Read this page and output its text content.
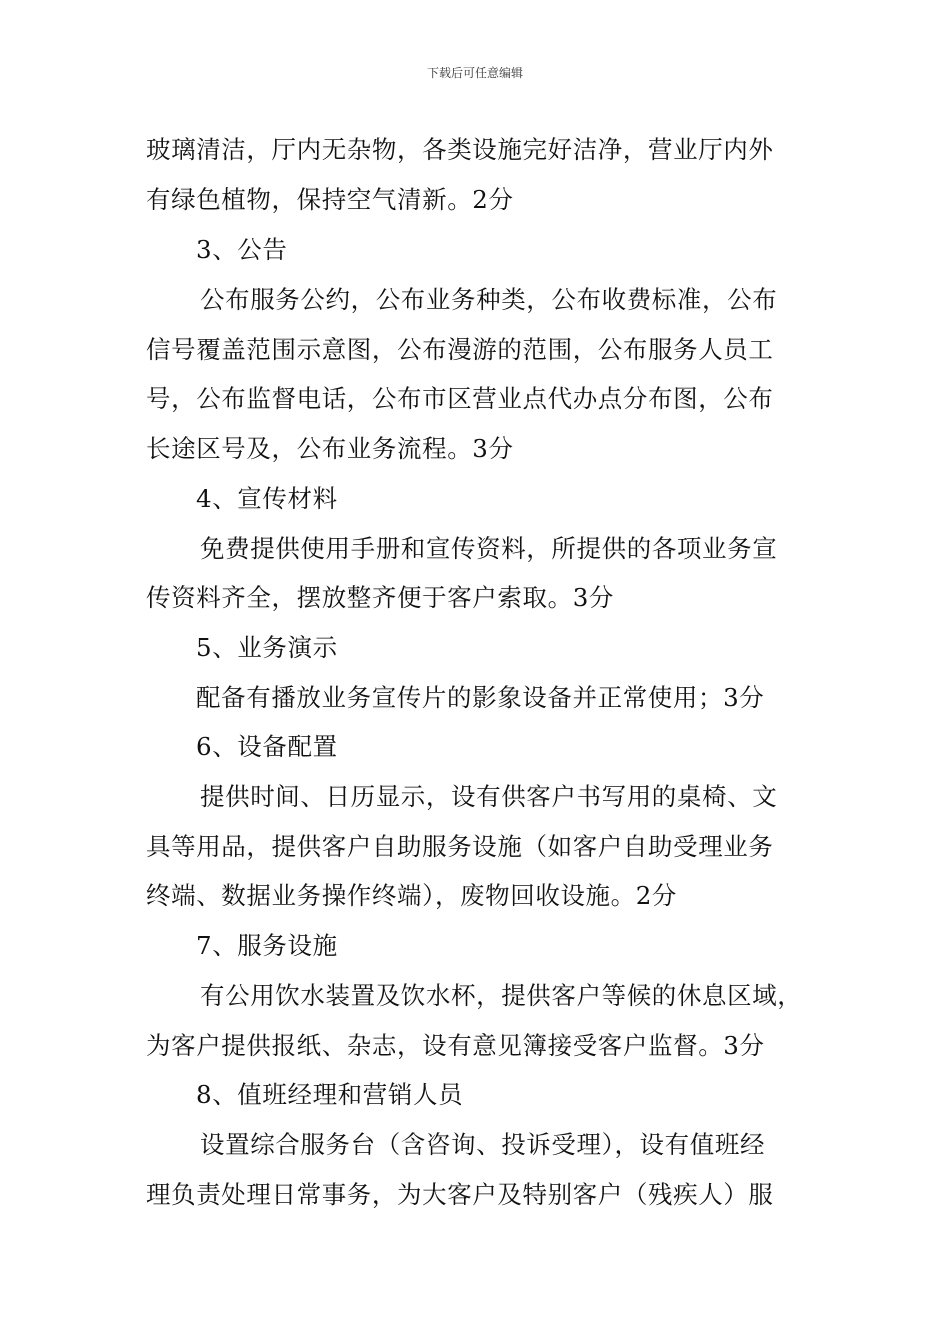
下载后可任意编辑
玻璃清洁，厅内无杂物，各类设施完好洁净，营业厅内外
有绿色植物，保持空气清新。2分
3、公告
公布服务公约，公布业务种类，公布收费标准，公布
信号覆盖范围示意图，公布漫游的范围，公布服务人员工
号，公布监督电话，公布市区营业点代办点分布图，公布
长途区号及，公布业务流程。3分
4、宣传材料
免费提供使用手册和宣传资料，所提供的各项业务宣
传资料齐全，摆放整齐便于客户索取。3分
5、业务演示
配备有播放业务宣传片的影象设备并正常使用；3分
6、设备配置
提供时间、日历显示，设有供客户书写用的桌椅、文
具等用品，提供客户自助服务设施（如客户自助受理业务
终端、数据业务操作终端），废物回收设施。2分
7、服务设施
有公用饮水装置及饮水杯，提供客户等候的休息区域，
为客户提供报纸、杂志，设有意见簿接受客户监督。3分
8、值班经理和营销人员
设置综合服务台（含咨询、投诉受理），设有值班经
理负责处理日常事务，为大客户及特别客户（残疾人）服
